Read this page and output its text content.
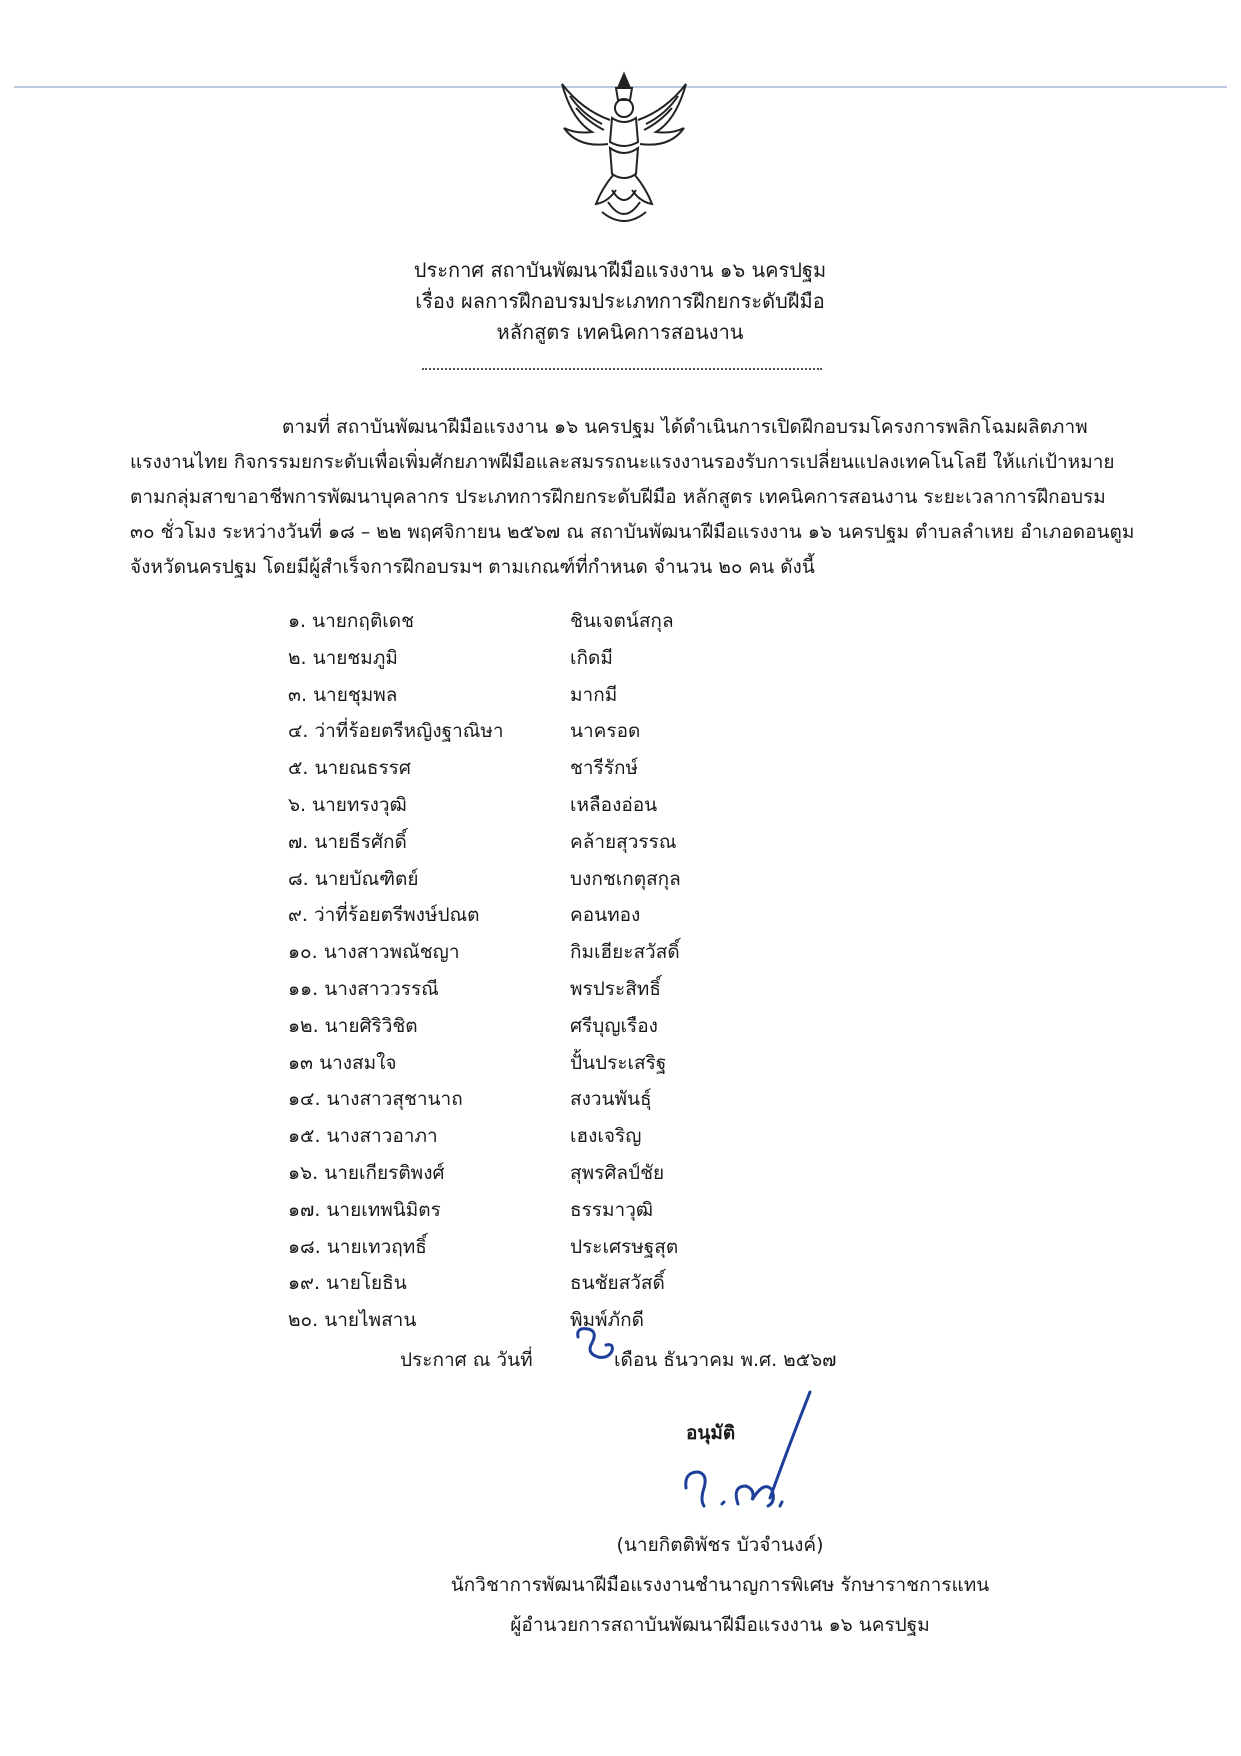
ประกาศ สถาบันพัฒนาฝีมือแรงงาน ๑๖ นครปฐม
เรื่อง ผลการฝึกอบรมประเภทการฝึกยกระดับฝีมือ
หลักสูตร เทคนิคการสอนงาน
ตามที่ สถาบันพัฒนาฝีมือแรงงาน ๑๖ นครปฐม ได้ดำเนินการเปิดฝึกอบรมโครงการพลิกโฉมผลิตภาพ
แรงงานไทย กิจกรรมยกระดับเพื่อเพิ่มศักยภาพฝีมือและสมรรถนะแรงงานรองรับการเปลี่ยนแปลงเทคโนโลยี ให้แก่เป้าหมาย
ตามกลุ่มสาขาอาชีพการพัฒนาบุคลากร ประเภทการฝึกยกระดับฝีมือ หลักสูตร เทคนิคการสอนงาน ระยะเวลาการฝึกอบรม
๓๐ ชั่วโมง ระหว่างวันที่ ๑๘ – ๒๒ พฤศจิกายน ๒๕๖๗ ณ สถาบันพัฒนาฝีมือแรงงาน ๑๖ นครปฐม ตำบลลำเหย อำเภอดอนตูม
จังหวัดนครปฐม โดยมีผู้สำเร็จการฝึกอบรมฯ ตามเกณฑ์ที่กำหนด จำนวน ๒๐ คน ดังนี้
๑. นายกฤติเดช	ชินเจตน์สกุล
๒. นายชมภูมิ	เกิดมี
๓. นายชุมพล	มากมี
๔. ว่าที่ร้อยตรีหญิงฐาณิษา	นาครอด
๕. นายณธรรศ	ชารีรักษ์
๖. นายทรงวุฒิ	เหลืองอ่อน
๗. นายธีรศักดิ์	คล้ายสุวรรณ
๘. นายบัณฑิตย์	บงกชเกตุสกุล
๙. ว่าที่ร้อยตรีพงษ์ปณต	คอนทอง
๑๐. นางสาวพณัชญา	กิมเฮียะสวัสดิ์
๑๑. นางสาววรรณี	พรประสิทธิ์
๑๒. นายศิริวิชิต	ศรีบุญเรือง
๑๓ นางสมใจ	ปั้นประเสริฐ
๑๔. นางสาวสุชานาถ	สงวนพันธุ์
๑๕. นางสาวอาภา	เฮงเจริญ
๑๖. นายเกียรติพงศ์	สุพรศิลป์ชัย
๑๗. นายเทพนิมิตร	ธรรมาวุฒิ
๑๘. นายเทวฤทธิ์	ประเศรษฐสุต
๑๙. นายโยธิน	ธนชัยสวัสดิ์
๒๐. นายไพสาน	พิมพ์ภักดี
ประกาศ ณ วันที่	เดือน ธันวาคม พ.ศ. ๒๕๖๗
อนุมัติ
(นายกิตติพัชร บัวจำนงค์)
นักวิชาการพัฒนาฝีมือแรงงานชำนาญการพิเศษ รักษาราชการแทน
ผู้อำนวยการสถาบันพัฒนาฝีมือแรงงาน ๑๖ นครปฐม
